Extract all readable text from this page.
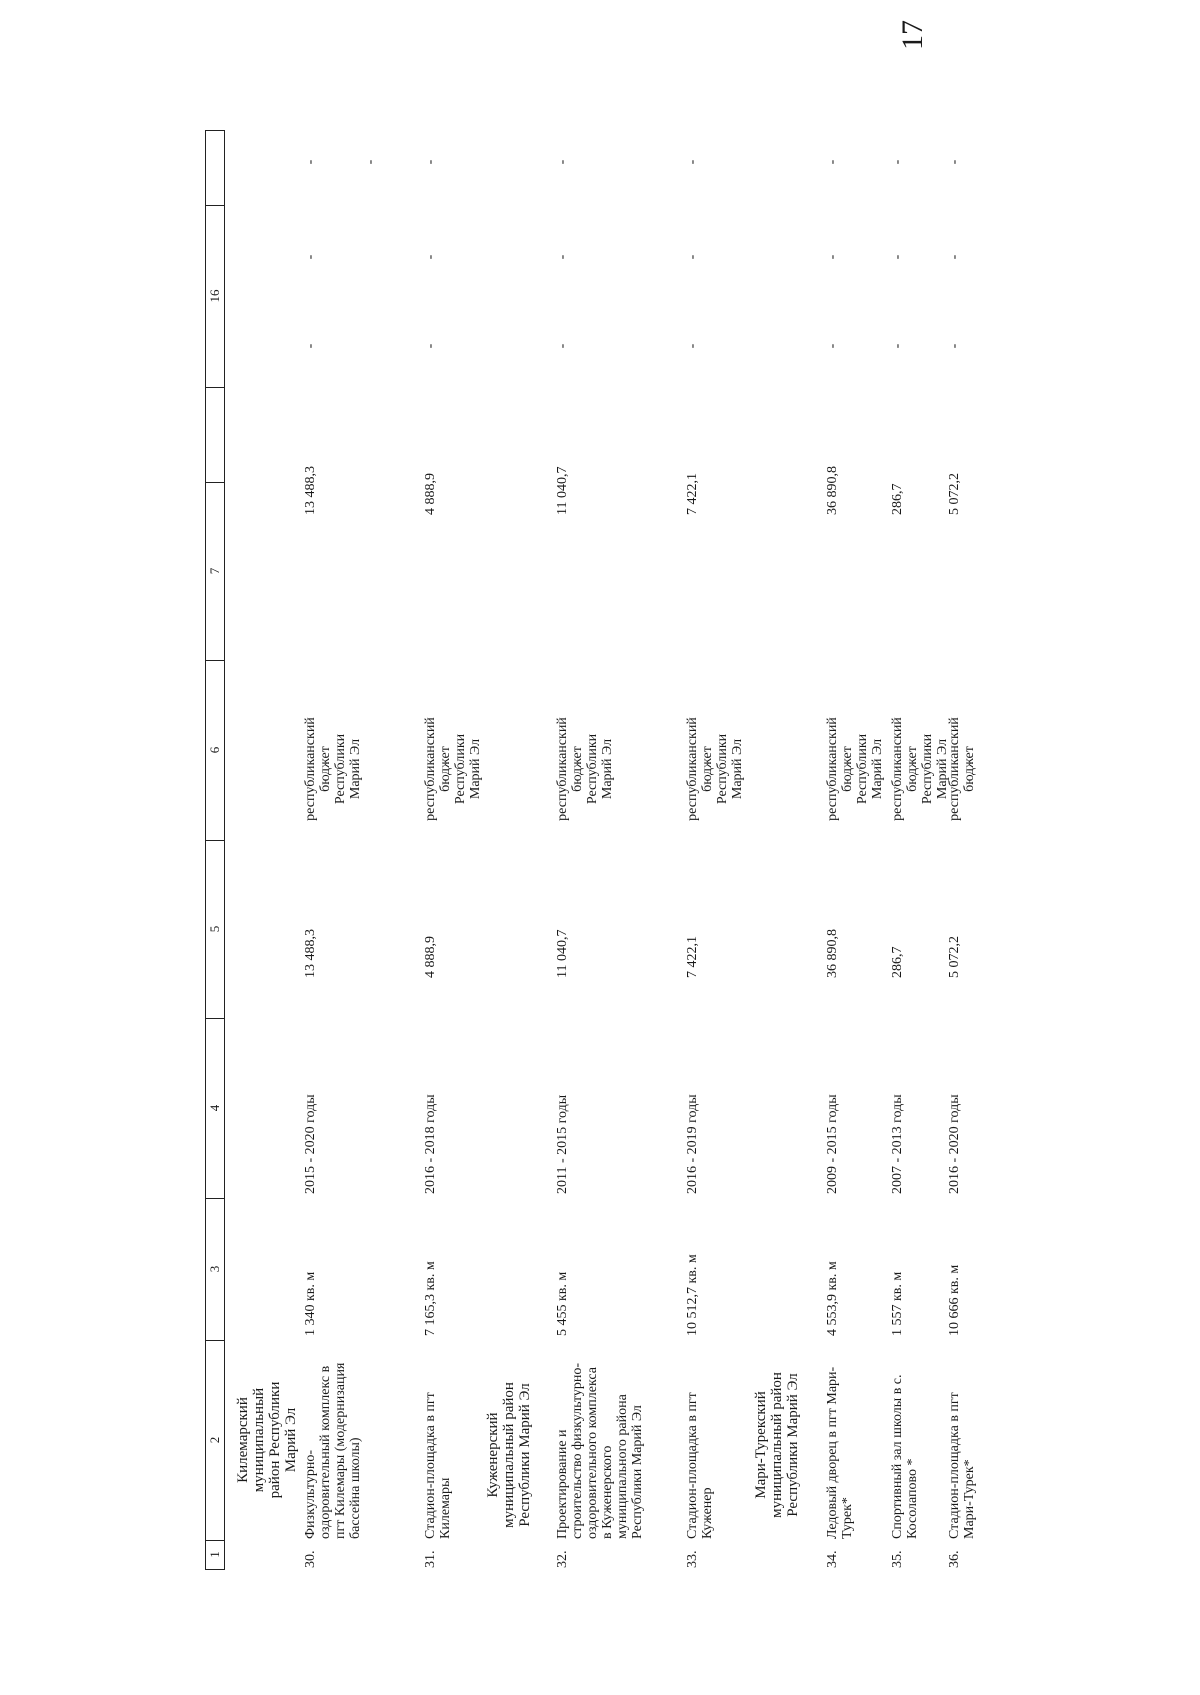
17
1
2
3
4
5
6
7
16
Килемарский муниципальный район Республики Марий Эл
30.
Физкультурно-оздоровительный комплекс в пгт Килемары (модернизация бассейна школы)
1 340 кв. м
2015 - 2020 годы
13 488,3
республиканский бюджет Республики Марий Эл
13 488,3
31.
Стадион-площадка в пгт Килемары
7 165,3 кв. м
2016 - 2018 годы
4 888,9
республиканский бюджет Республики Марий Эл
4 888,9
Куженерский муниципальный район Республики Марий Эл
32.
Проектирование и строительство физкультурно-оздоровительного комплекса в Куженерского муниципального района Республики Марий Эл
5 455 кв. м
2011 - 2015 годы
11 040,7
республиканский бюджет Республики Марий Эл
11 040,7
33.
Стадион-площадка в пгт Куженер
10 512,7 кв. м
2016 - 2019 годы
7 422,1
республиканский бюджет Республики Марий Эл
7 422,1
Мари-Турекский муниципальный район Республики Марий Эл
34.
Ледовый дворец в пгт Мари-Турек*
4 553,9 кв. м
2009 - 2015 годы
36 890,8
республиканский бюджет Республики Марий Эл
36 890,8
35.
Спортивный зал школы в с. Косолапово *
1 557 кв. м
2007 - 2013 годы
286,7
республиканский бюджет Республики Марий Эл
286,7
36.
Стадион-площадка в пгт Мари-Турек*
10 666 кв. м
2016 - 2020 годы
5 072,2
республиканский бюджет
5 072,2
-
-
-	-
-
-
-
-
-
-
-
-
-
-
-
-
-
-
-
-
-
-
